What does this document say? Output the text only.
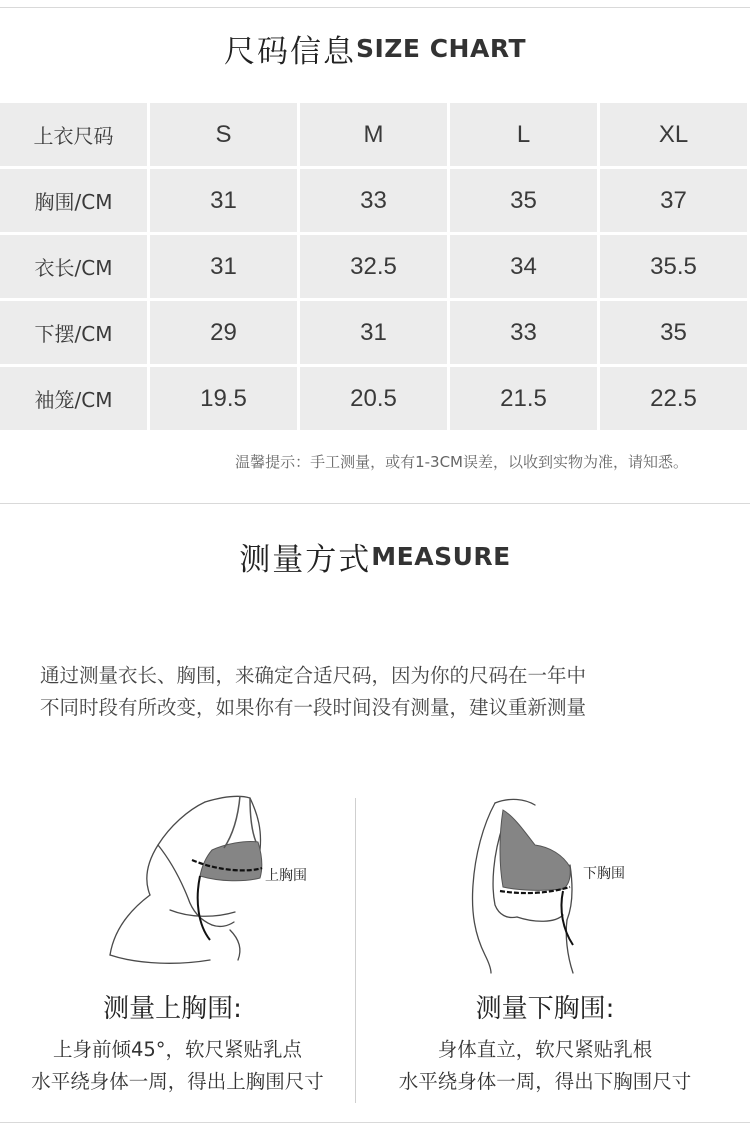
尺码信息SIZE CHART
上衣尺码	S	M	L	XL
胸围/CM	31	33	35	37
衣长/CM	31	32.5	34	35.5
下摆/CM	29	31	33	35
袖笼/CM	19.5	20.5	21.5	22.5
温馨提示：手工测量，或有1-3CM误差，以收到实物为准，请知悉。
测量方式MEASURE
通过测量衣长、胸围，来确定合适尺码，因为你的尺码在一年中
不同时段有所改变，如果你有一段时间没有测量，建议重新测量
上胸围	下胸围
测量上胸围:
上身前倾45°，软尺紧贴乳点
水平绕身体一周，得出上胸围尺寸
测量下胸围:
身体直立，软尺紧贴乳根
水平绕身体一周，得出下胸围尺寸
